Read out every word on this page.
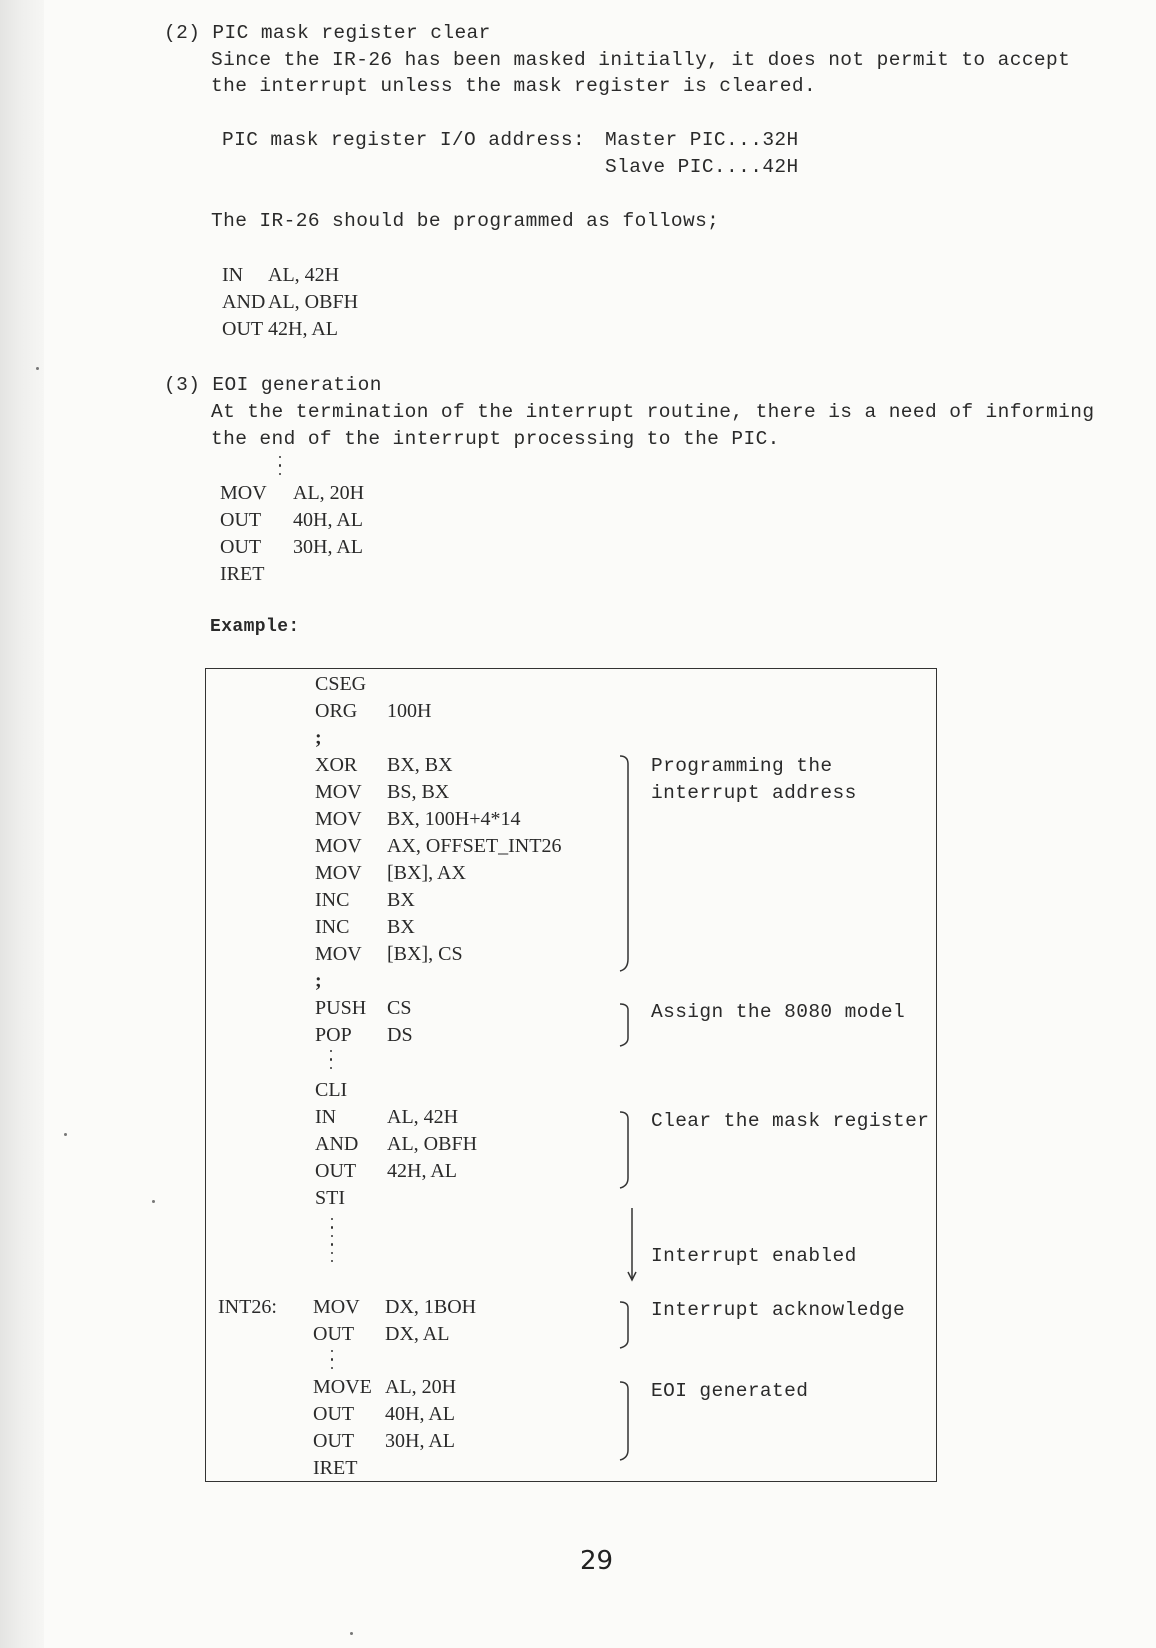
(2) PIC mask register clear
Since the IR-26 has been masked initially, it does not permit to accept
the interrupt unless the mask register is cleared.
PIC mask register I/O address: Master PIC...32H
Slave PIC....42H
The IR-26 should be programmed as follows;
IN AL, 42H
AND AL, OBFH
OUT 42H, AL
(3) EOI generation
At the termination of the interrupt routine, there is a need of informing
the end of the interrupt processing to the PIC.
MOV AL, 20H
OUT 40H, AL
OUT 30H, AL
IRET
Example:
CSEG
ORG 100H
;
XOR BX, BX
MOV BS, BX
MOV BX, 100H+4*14
MOV AX, OFFSET_INT26
MOV [BX], AX
INC BX
INC BX
MOV [BX], CS
;
PUSH CS
POP DS
CLI
IN	AL, 42H
AND AL, OBFH
OUT 42H, AL
STI
INT26: MOV DX, 1BOH
OUT DX, AL
MOVE AL, 20H
OUT 40H, AL
OUT 30H, AL
IRET
Programming the
interrupt address
Assign the 8080 model
Clear the mask register
Interrupt enabled
Interrupt acknowledge
EOI generated
29
